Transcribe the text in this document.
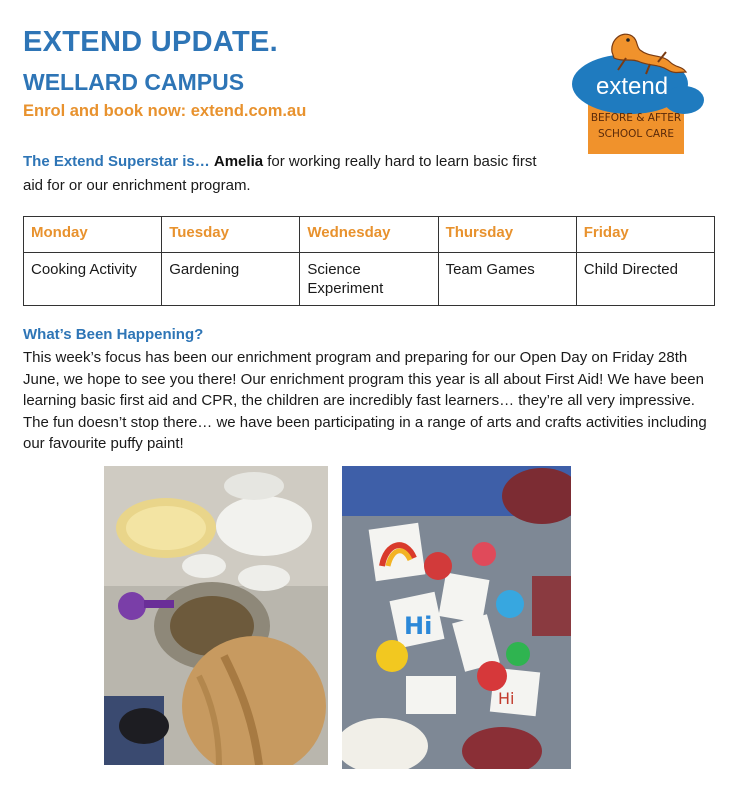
EXTEND UPDATE.
WELLARD CAMPUS
Enrol and book now: extend.com.au
The Extend Superstar is… Amelia for working really hard to learn basic first aid for or our enrichment program.
extend
BEFORE & AFTER
SCHOOL CARE
Monday	Tuesday	Wednesday	Thursday	Friday
Cooking Activity	Gardening	Science Experiment	Team Games	Child Directed
What’s Been Happening?
This week’s focus has been our enrichment program and preparing for our Open Day on Friday 28th June, we hope to see you there! Our enrichment program this year is all about First Aid! We have been learning basic first aid and CPR, the children are incredibly fast learners… they’re all very impressive. The fun doesn’t stop there… we have been participating in a range of arts and crafts activities including our favourite puffy paint!
Hi
Hi
